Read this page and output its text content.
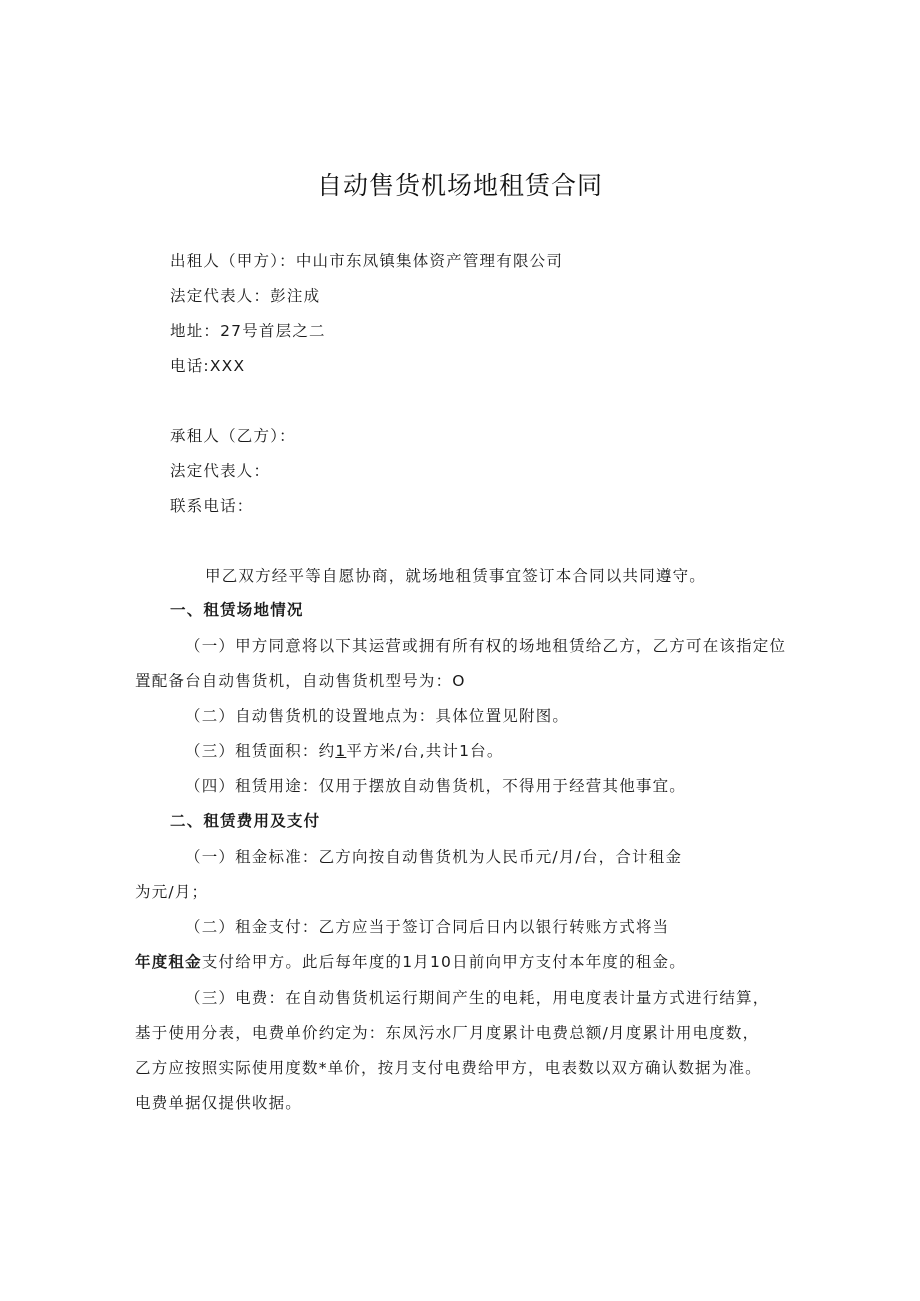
自动售货机场地租赁合同
出租人（甲方）：中山市东凤镇集体资产管理有限公司
法定代表人：彭注成
地址：27号首层之二
电话:XXX
承租人（乙方）：
法定代表人：
联系电话：
甲乙双方经平等自愿协商，就场地租赁事宜签订本合同以共同遵守。
一、租赁场地情况
（一）甲方同意将以下其运营或拥有所有权的场地租赁给乙方，乙方可在该指定位
置配备台自动售货机，自动售货机型号为：O
（二）自动售货机的设置地点为：具体位置见附图。
（三）租赁面积：约1平方米/台,共计1台。
（四）租赁用途：仅用于摆放自动售货机，不得用于经营其他事宜。
二、租赁费用及支付
（一）租金标准：乙方向按自动售货机为人民币元/月/台，合计租金
为元/月；
（二）租金支付：乙方应当于签订合同后日内以银行转账方式将当
年度租金支付给甲方。此后每年度的1月10日前向甲方支付本年度的租金。
（三）电费：在自动售货机运行期间产生的电耗，用电度表计量方式进行结算，
基于使用分表，电费单价约定为：东凤污水厂月度累计电费总额/月度累计用电度数，
乙方应按照实际使用度数*单价，按月支付电费给甲方，电表数以双方确认数据为准。
电费单据仅提供收据。
